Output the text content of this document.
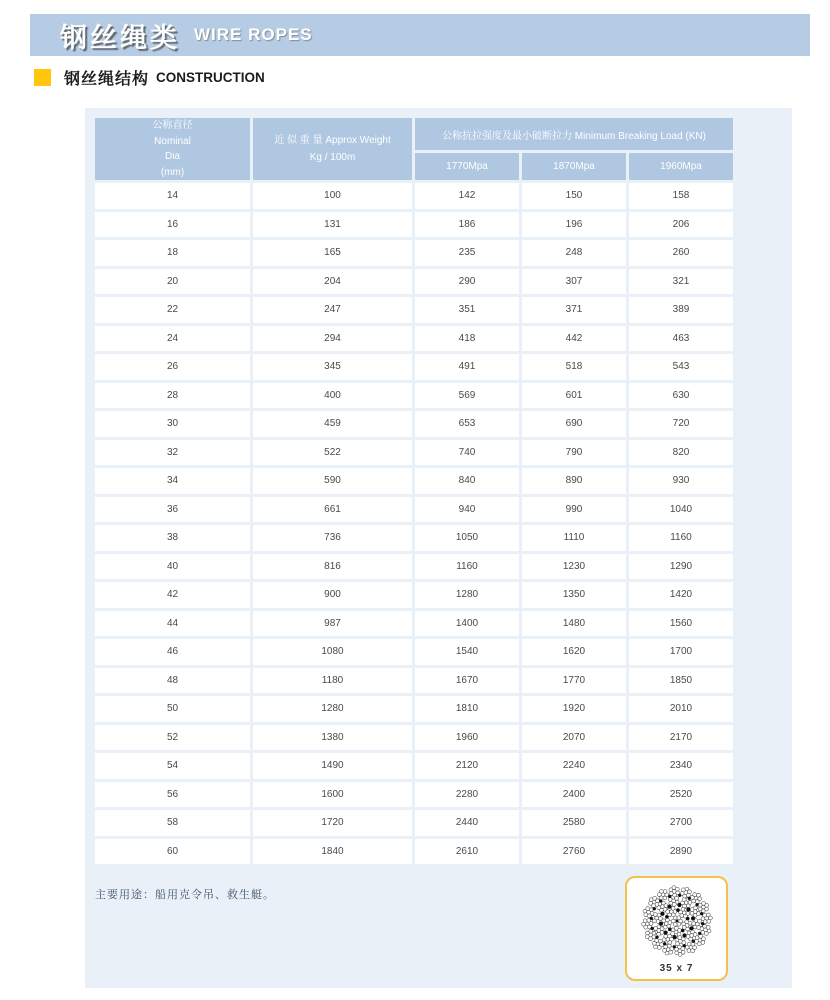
钢丝绳类 WIRE ROPES
钢丝绳结构 CONSTRUCTION
公称直径
Nominal
Dia
(mm)
近 似 重 量 Approx Weight
Kg / 100m
公称抗拉强度及最小破断拉力 Minimum Breaking Load (KN)
1770Mpa	1870Mpa	1960Mpa
14	100	142	150	158
16	131	186	196	206
18	165	235	248	260
20	204	290	307	321
22	247	351	371	389
24	294	418	442	463
26	345	491	518	543
28	400	569	601	630
30	459	653	690	720
32	522	740	790	820
34	590	840	890	930
36	661	940	990	1040
38	736	1050	1110	1160
40	816	1160	1230	1290
42	900	1280	1350	1420
44	987	1400	1480	1560
46	1080	1540	1620	1700
48	1180	1670	1770	1850
50	1280	1810	1920	2010
52	1380	1960	2070	2170
54	1490	2120	2240	2340
56	1600	2280	2400	2520
58	1720	2440	2580	2700
60	1840	2610	2760	2890
主要用途：船用克令吊、救生艇。
35 x 7
